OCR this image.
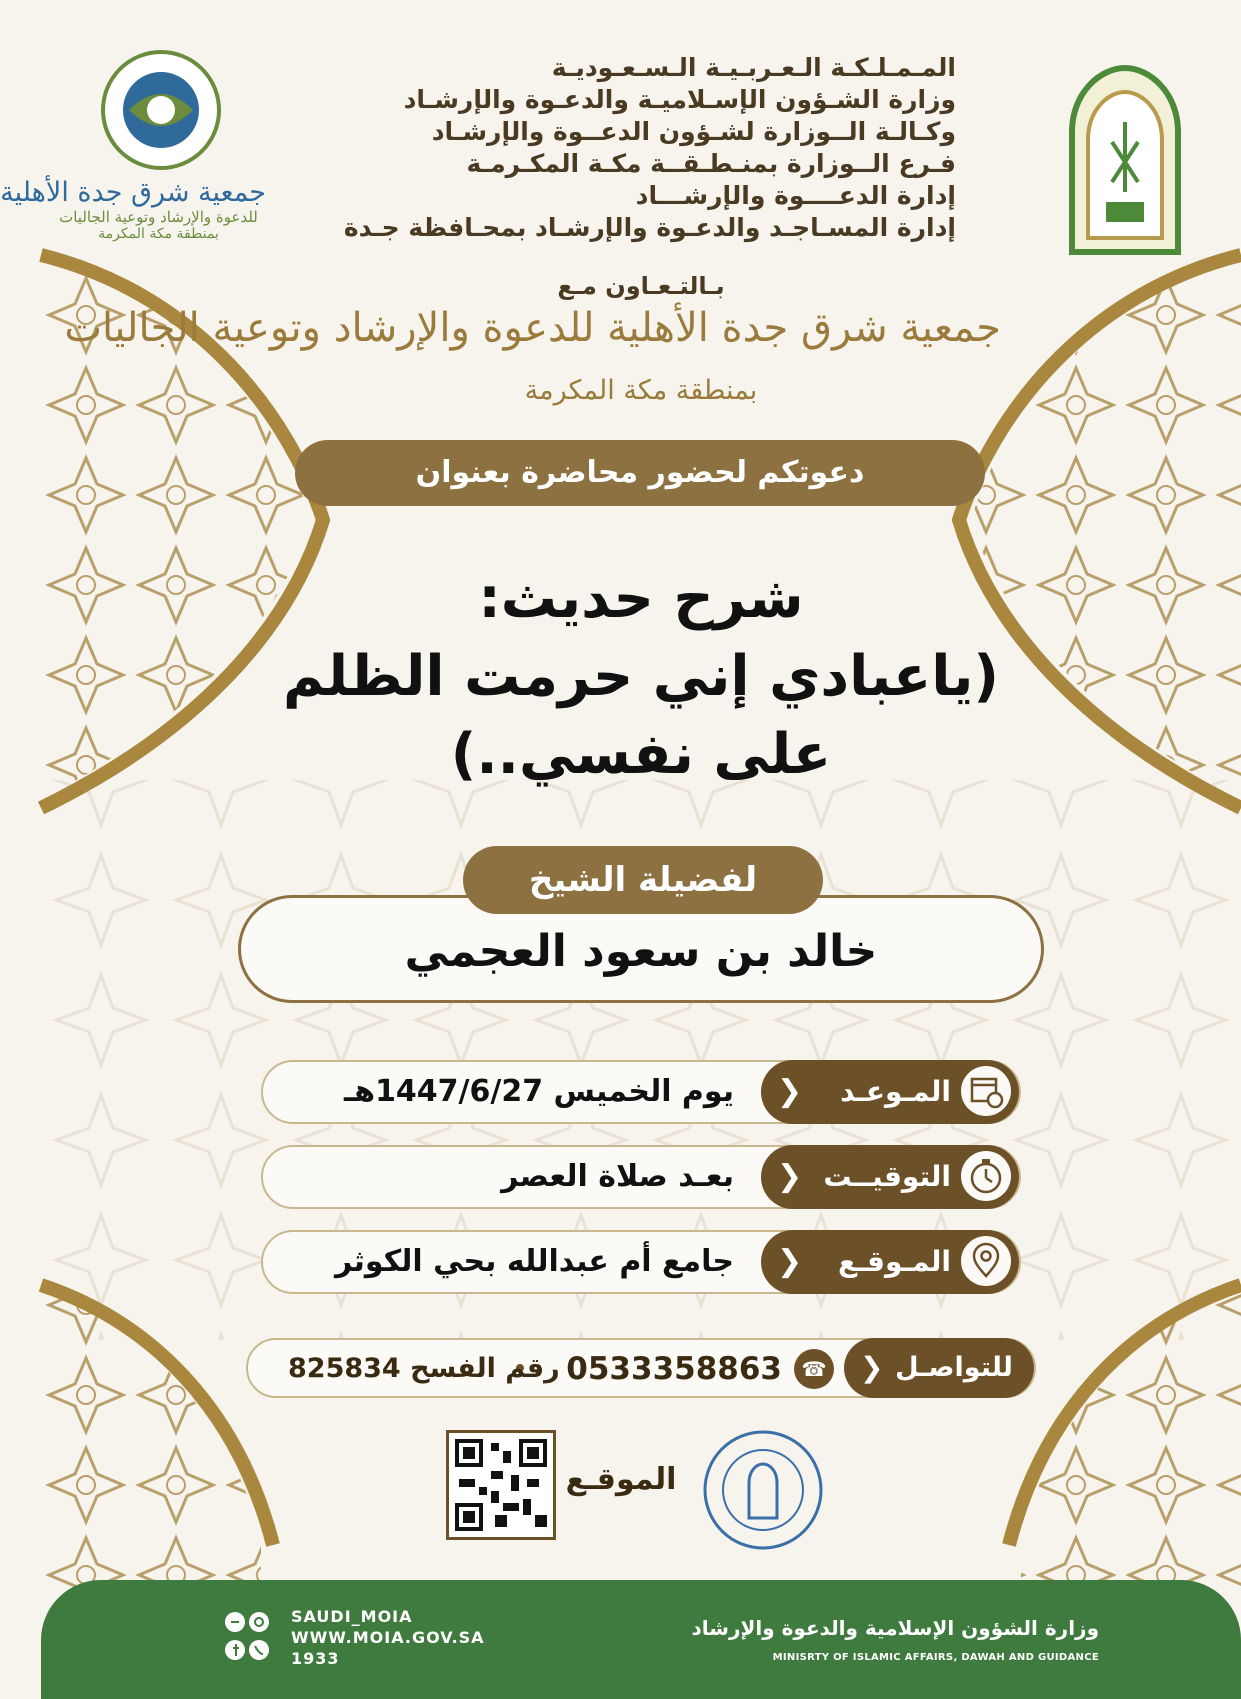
جمعية شرق جدة الأهلية
للدعوة والإرشاد وتوعية الجاليات
بمنطقة مكة المكرمة
المـمـلـكـة الـعـربـيـة الـسـعـوديـة
وزارة الشـؤون الإسـلاميـة والدعـوة والإرشـاد
وكـالـة الــوزارة لشـؤون الدعــوة والإرشـاد
فـرع الــوزارة بمنـطـقــة مكـة المكـرمـة
إدارة الدعــــوة والإرشـــاد
إدارة المسـاجـد والدعـوة والإرشـاد بمحـافظة جـدة
بـالتـعـاون مـع
جمعية شرق جدة الأهلية للدعوة والإرشاد وتوعية الجاليات
بمنطقة مكة المكرمة
دعوتكم لحضور محاضرة بعنوان
شرح حديث:
(ياعبادي إني حرمت الظلم
على نفسي..)
خالد بن سعود العجمي
لفضيلة الشيخ
المـوعـد
❮
يوم الخميس 1447/6/27هـ
التوقيــت
❮
بعـد صلاة العصر
المـوقـع
❮
جامع أم عبدالله بحي الكوثر
للتواصـل
❮
☎
0533358863
رقم الفسح 825834
الموقـع
وزارة الشؤون الإسلامية والدعوة والإرشاد
MINISRTY OF ISLAMIC AFFAIRS, DAWAH AND GUIDANCE
SAUDI_MOIA
WWW.MOIA.GOV.SA
1933
